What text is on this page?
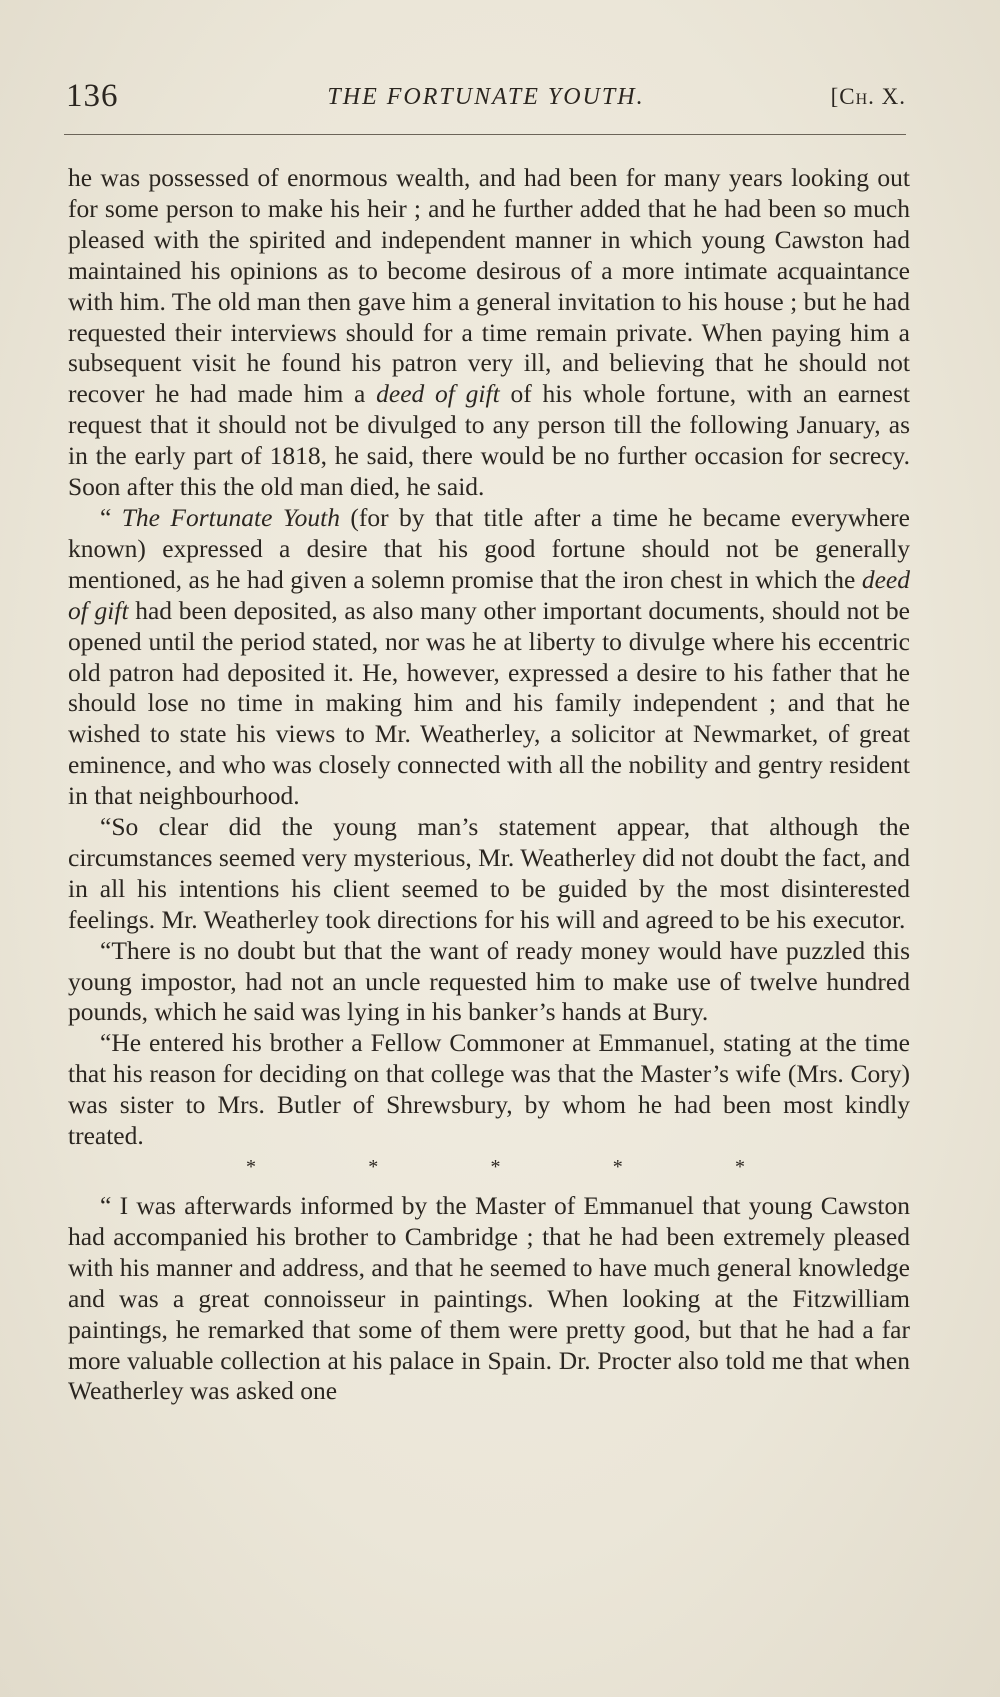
136	THE FORTUNATE YOUTH.	[Ch. X.

he was possessed of enormous wealth, and had been for many years looking out for some person to make his heir ; and he further added that he had been so much pleased with the spirited and independent manner in which young Cawston had maintained his opinions as to become desirous of a more intimate acquaintance with him. The old man then gave him a general invitation to his house ; but he had requested their interviews should for a time remain private. When paying him a subsequent visit he found his patron very ill, and believing that he should not recover he had made him a deed of gift of his whole fortune, with an earnest request that it should not be divulged to any person till the following January, as in the early part of 1818, he said, there would be no further occasion for secrecy. Soon after this the old man died, he said.

“ The Fortunate Youth (for by that title after a time he became everywhere known) expressed a desire that his good fortune should not be generally mentioned, as he had given a solemn promise that the iron chest in which the deed of gift had been deposited, as also many other important documents, should not be opened until the period stated, nor was he at liberty to divulge where his eccentric old patron had deposited it. He, however, expressed a desire to his father that he should lose no time in making him and his family independent ; and that he wished to state his views to Mr. Weatherley, a solicitor at Newmarket, of great eminence, and who was closely connected with all the nobility and gentry resident in that neighbourhood.

“So clear did the young man’s statement appear, that although the circumstances seemed very mysterious, Mr. Weatherley did not doubt the fact, and in all his intentions his client seemed to be guided by the most disinterested feelings. Mr. Weatherley took directions for his will and agreed to be his executor.

“There is no doubt but that the want of ready money would have puzzled this young impostor, had not an uncle requested him to make use of twelve hundred pounds, which he said was lying in his banker’s hands at Bury.

“He entered his brother a Fellow Commoner at Emmanuel, stating at the time that his reason for deciding on that college was that the Master’s wife (Mrs. Cory) was sister to Mrs. Butler of Shrewsbury, by whom he had been most kindly treated.

*	*	*	*	*

“ I was afterwards informed by the Master of Emmanuel that young Cawston had accompanied his brother to Cambridge ; that he had been extremely pleased with his manner and address, and that he seemed to have much general knowledge and was a great connoisseur in paintings. When looking at the Fitzwilliam paintings, he remarked that some of them were pretty good, but that he had a far more valuable collection at his palace in Spain. Dr. Procter also told me that when Weatherley was asked one
